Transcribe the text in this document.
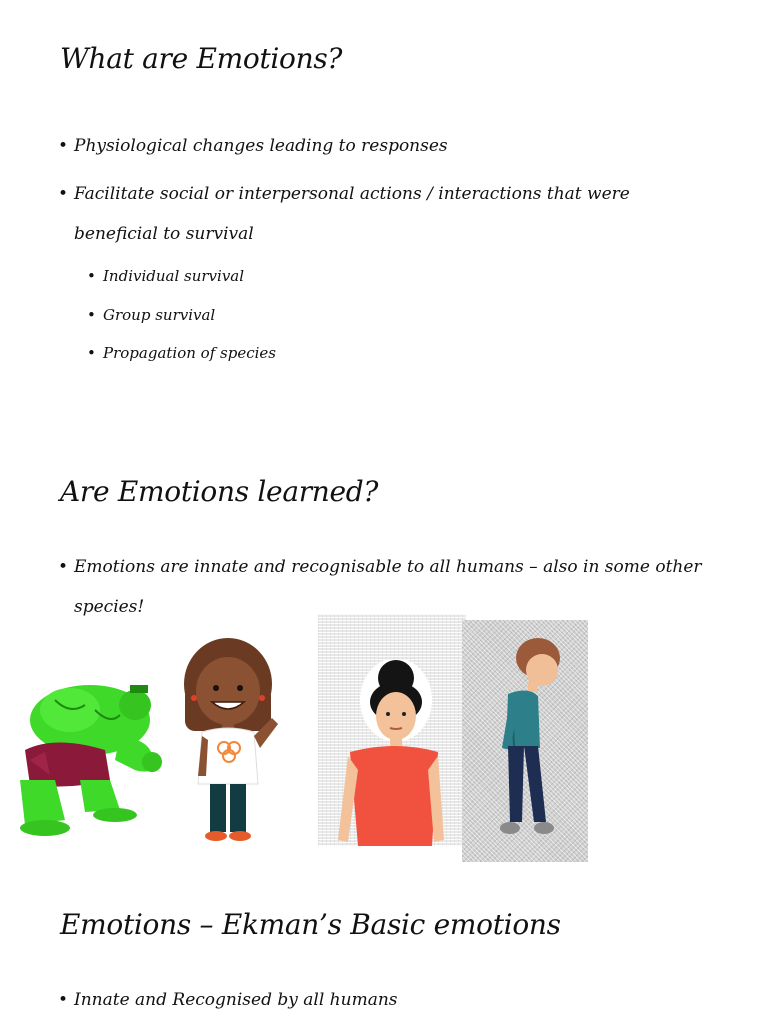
What are Emotions?
• Physiological changes leading to responses
• Facilitate social or interpersonal actions / interactions that were beneficial to survival
• Individual survival
• Group survival
• Propagation of species
Are Emotions learned?
• Emotions are innate and recognisable to all humans – also in some other species!
Emotions – Ekman’s Basic emotions
• Innate and Recognised by all humans
